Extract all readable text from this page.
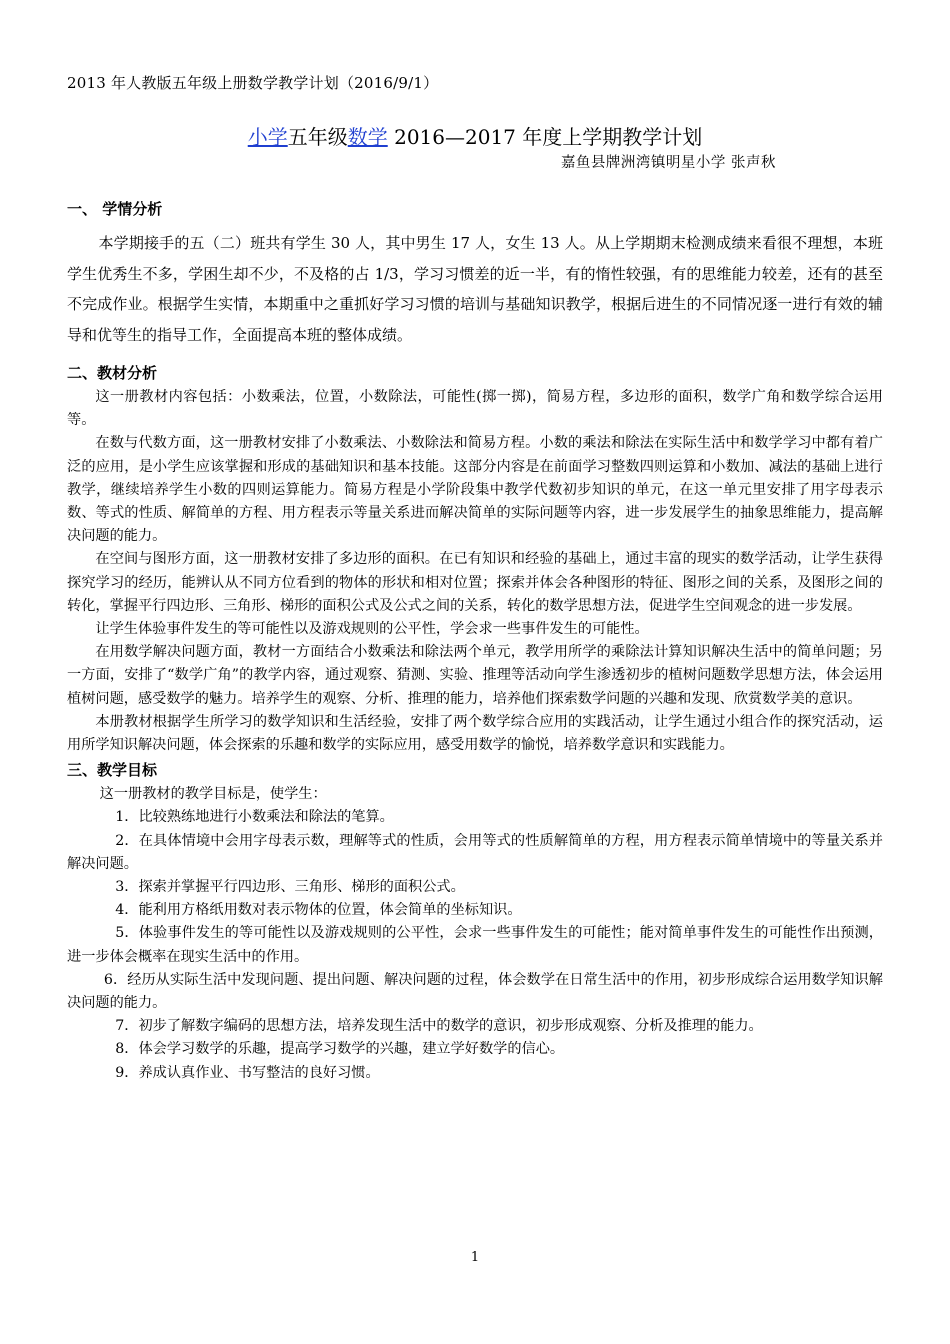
2013 年人教版五年级上册数学教学计划（2016/9/1）
小学五年级数学 2016—2017 年度上学期教学计划
嘉鱼县牌洲湾镇明星小学 张声秋
一、 学情分析

本学期接手的五（二）班共有学生 30 人，其中男生 17 人，女生 13 人。从上学期期末检测成绩来看很不理想，本班学生优秀生不多，学困生却不少，不及格的占 1/3，学习习惯差的近一半，有的惰性较强，有的思维能力较差，还有的甚至不完成作业。根据学生实情，本期重中之重抓好学习习惯的培训与基础知识教学，根据后进生的不同情况逐一进行有效的辅导和优等生的指导工作，全面提高本班的整体成绩。

二、教材分析

这一册教材内容包括：小数乘法，位置，小数除法，可能性(掷一掷)，简易方程，多边形的面积，数学广角和数学综合运用等。

在数与代数方面，这一册教材安排了小数乘法、小数除法和简易方程。小数的乘法和除法在实际生活中和数学学习中都有着广泛的应用，是小学生应该掌握和形成的基础知识和基本技能。这部分内容是在前面学习整数四则运算和小数加、减法的基础上进行教学，继续培养学生小数的四则运算能力。简易方程是小学阶段集中教学代数初步知识的单元，在这一单元里安排了用字母表示数、等式的性质、解简单的方程、用方程表示等量关系进而解决简单的实际问题等内容，进一步发展学生的抽象思维能力，提高解决问题的能力。

在空间与图形方面，这一册教材安排了多边形的面积。在已有知识和经验的基础上，通过丰富的现实的数学活动，让学生获得探究学习的经历，能辨认从不同方位看到的物体的形状和相对位置；探索并体会各种图形的特征、图形之间的关系，及图形之间的转化，掌握平行四边形、三角形、梯形的面积公式及公式之间的关系，转化的数学思想方法，促进学生空间观念的进一步发展。

让学生体验事件发生的等可能性以及游戏规则的公平性，学会求一些事件发生的可能性。

在用数学解决问题方面，教材一方面结合小数乘法和除法两个单元，教学用所学的乘除法计算知识解决生活中的简单问题；另一方面，安排了“数学广角”的教学内容，通过观察、猜测、实验、推理等活动向学生渗透初步的植树问题数学思想方法，体会运用植树问题，感受数学的魅力。培养学生的观察、分析、推理的能力，培养他们探索数学问题的兴趣和发现、欣赏数学美的意识。

本册教材根据学生所学习的数学知识和生活经验，安排了两个数学综合应用的实践活动，让学生通过小组合作的探究活动，运用所学知识解决问题，体会探索的乐趣和数学的实际应用，感受用数学的愉悦，培养数学意识和实践能力。

三、教学目标

这一册教材的教学目标是，使学生：

1．比较熟练地进行小数乘法和除法的笔算。

2．在具体情境中会用字母表示数，理解等式的性质，会用等式的性质解简单的方程，用方程表示简单情境中的等量关系并解决问题。

3．探索并掌握平行四边形、三角形、梯形的面积公式。

4．能利用方格纸用数对表示物体的位置，体会简单的坐标知识。

5．体验事件发生的等可能性以及游戏规则的公平性，会求一些事件发生的可能性；能对简单事件发生的可能性作出预测，进一步体会概率在现实生活中的作用。

6．经历从实际生活中发现问题、提出问题、解决问题的过程，体会数学在日常生活中的作用，初步形成综合运用数学知识解决问题的能力。

7．初步了解数字编码的思想方法，培养发现生活中的数学的意识，初步形成观察、分析及推理的能力。

8．体会学习数学的乐趣，提高学习数学的兴趣，建立学好数学的信心。

9．养成认真作业、书写整洁的良好习惯。

1
